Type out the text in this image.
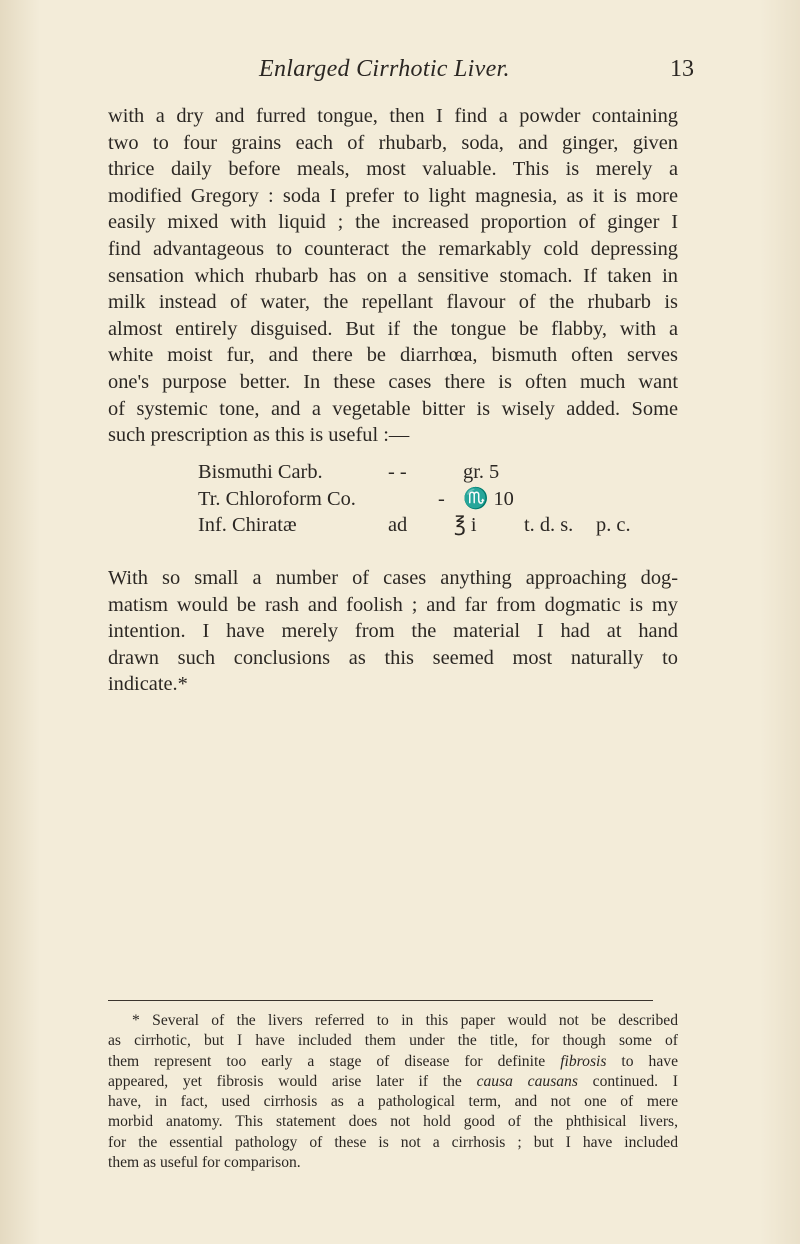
Enlarged Cirrhotic Liver.	13
with a dry and furred tongue, then I find a powder containing
two to four grains each of rhubarb, soda, and ginger, given
thrice daily before meals, most valuable. This is merely a
modified Gregory : soda I prefer to light magnesia, as it is more
easily mixed with liquid ; the increased proportion of ginger I
find advantageous to counteract the remarkably cold depressing
sensation which rhubarb has on a sensitive stomach. If taken in
milk instead of water, the repellant flavour of the rhubarb is
almost entirely disguised. But if the tongue be flabby, with a
white moist fur, and there be diarrhœa, bismuth often serves
one's purpose better. In these cases there is often much want
of systemic tone, and a vegetable bitter is wisely added. Some
such prescription as this is useful :—
Bismuthi Carb.	- -	gr. 5
Tr. Chloroform Co.	- ♏ 10
Inf. Chiratæ	ad ℥ i t. d. s. p. c.
With so small a number of cases anything approaching dog-
matism would be rash and foolish ; and far from dogmatic is my
intention. I have merely from the material I had at hand
drawn such conclusions as this seemed most naturally to
indicate.*
* Several of the livers referred to in this paper would not be described
as cirrhotic, but I have included them under the title, for though some of
them represent too early a stage of disease for definite fibrosis to have
appeared, yet fibrosis would arise later if the causa causans continued. I
have, in fact, used cirrhosis as a pathological term, and not one of mere
morbid anatomy. This statement does not hold good of the phthisical livers,
for the essential pathology of these is not a cirrhosis ; but I have included
them as useful for comparison.
